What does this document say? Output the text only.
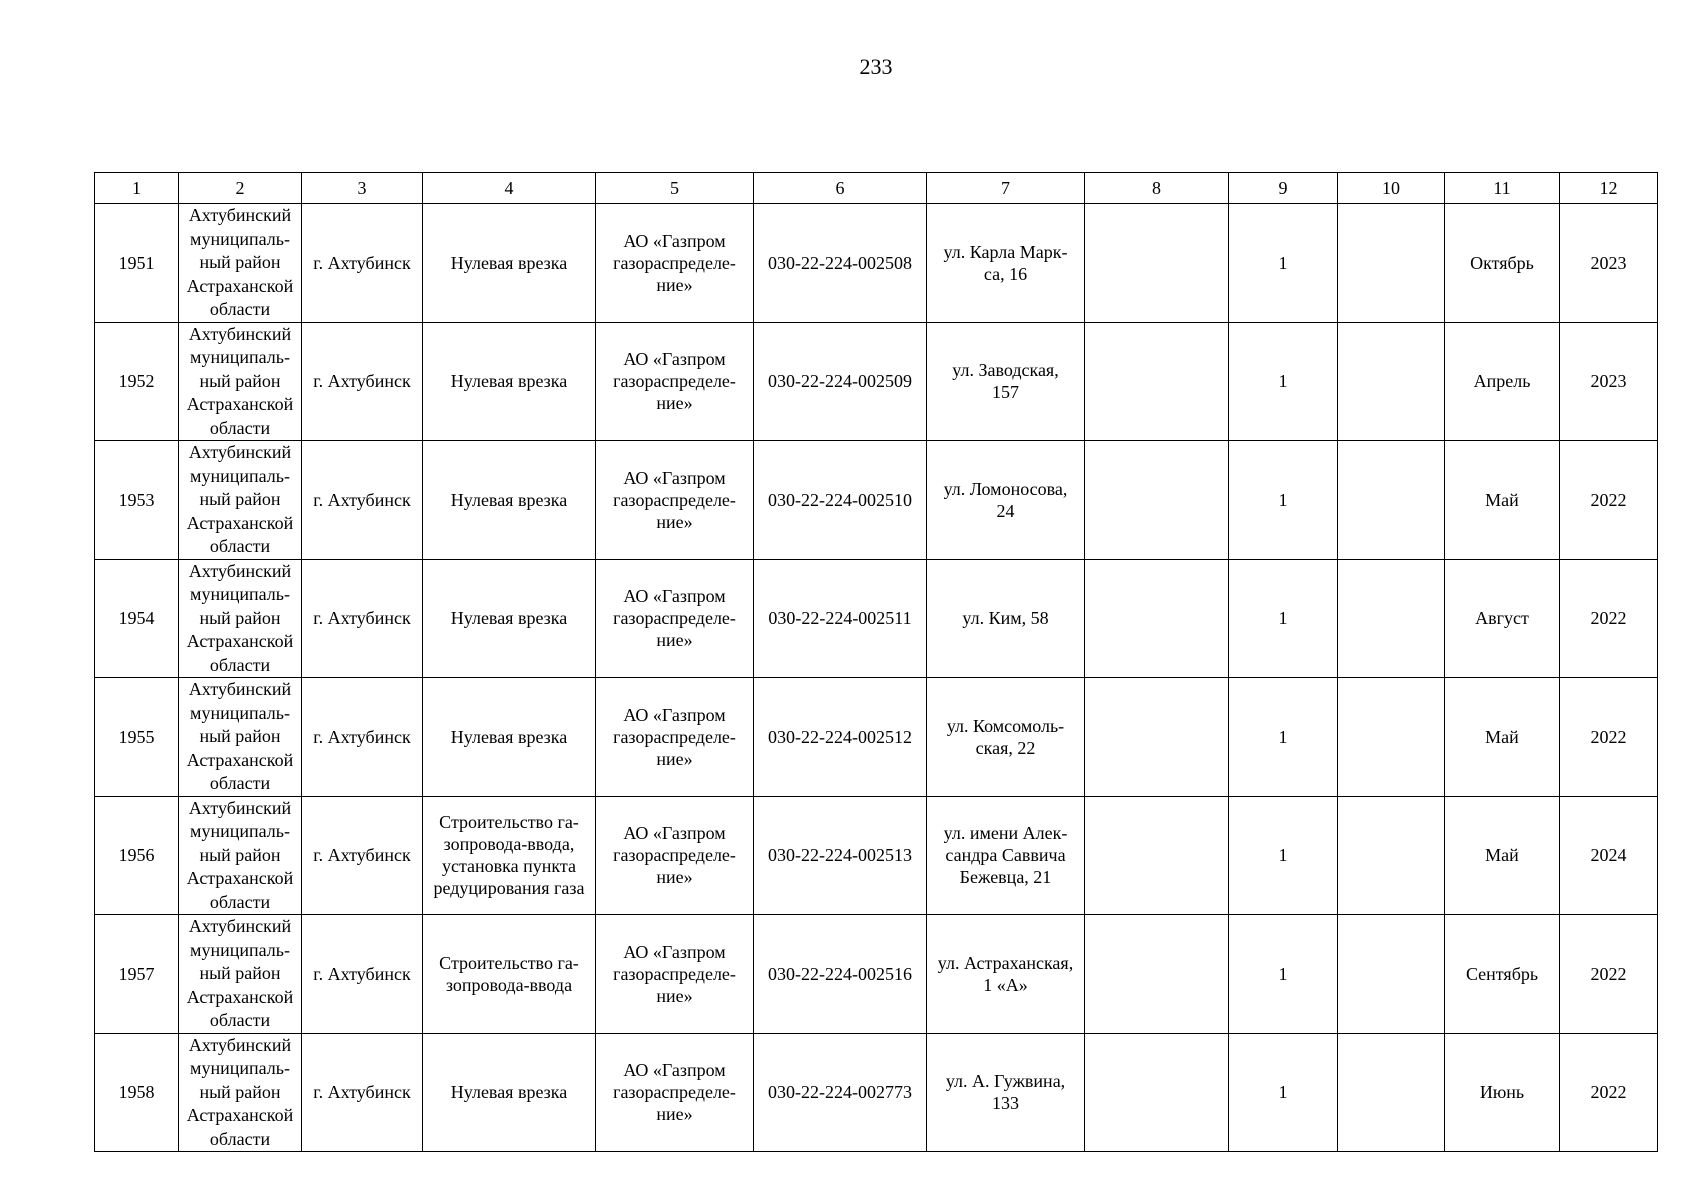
233
1	2	3	4	5	6	7	8	9	10	11	12
1951	Ахтубинский
муниципаль-
ный район
Астраханской
области	г. Ахтубинск	Нулевая врезка	АО «Газпром
газораспределе-
ние»	030-22-224-002508	ул. Карла Марк-
са, 16		1		Октябрь	2023
1952	Ахтубинский
муниципаль-
ный район
Астраханской
области	г. Ахтубинск	Нулевая врезка	АО «Газпром
газораспределе-
ние»	030-22-224-002509	ул. Заводская,
157		1		Апрель	2023
1953	Ахтубинский
муниципаль-
ный район
Астраханской
области	г. Ахтубинск	Нулевая врезка	АО «Газпром
газораспределе-
ние»	030-22-224-002510	ул. Ломоносова,
24		1		Май	2022
1954	Ахтубинский
муниципаль-
ный район
Астраханской
области	г. Ахтубинск	Нулевая врезка	АО «Газпром
газораспределе-
ние»	030-22-224-002511	ул. Ким, 58		1		Август	2022
1955	Ахтубинский
муниципаль-
ный район
Астраханской
области	г. Ахтубинск	Нулевая врезка	АО «Газпром
газораспределе-
ние»	030-22-224-002512	ул. Комсомоль-
ская, 22		1		Май	2022
1956	Ахтубинский
муниципаль-
ный район
Астраханской
области	г. Ахтубинск	Строительство га-
зопровода-ввода,
установка пункта
редуцирования газа	АО «Газпром
газораспределе-
ние»	030-22-224-002513	ул. имени Алек-
сандра Саввича
Бежевца, 21		1		Май	2024
1957	Ахтубинский
муниципаль-
ный район
Астраханской
области	г. Ахтубинск	Строительство га-
зопровода-ввода	АО «Газпром
газораспределе-
ние»	030-22-224-002516	ул. Астраханская,
1 «А»		1		Сентябрь	2022
1958	Ахтубинский
муниципаль-
ный район
Астраханской
области	г. Ахтубинск	Нулевая врезка	АО «Газпром
газораспределе-
ние»	030-22-224-002773	ул. А. Гужвина,
133		1		Июнь	2022
